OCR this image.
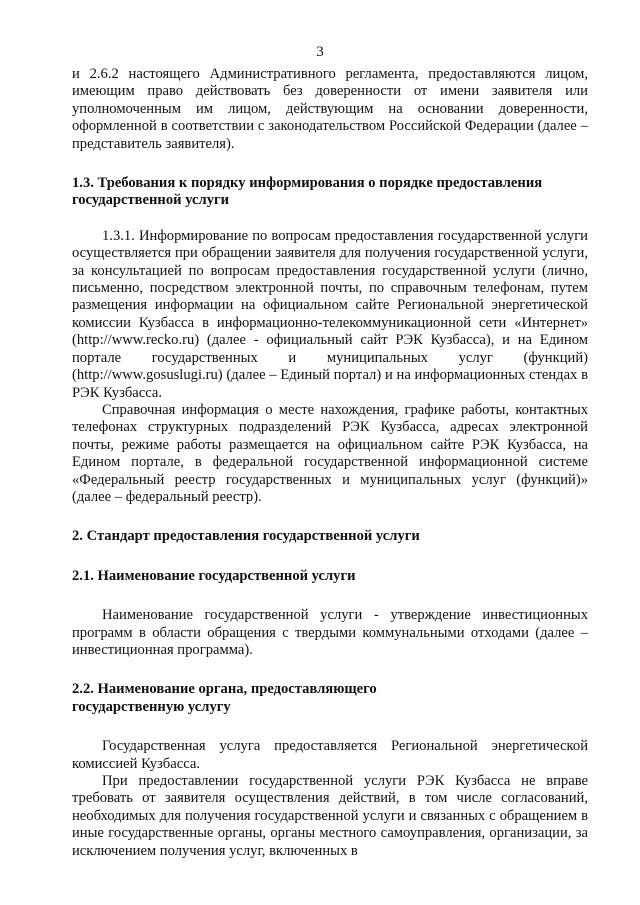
3

и 2.6.2 настоящего Административного регламента, предоставляются лицом, имеющим право действовать без доверенности от имени заявителя или уполномоченным им лицом, действующим на основании доверенности, оформленной в соответствии с законодательством Российской Федерации (далее – представитель заявителя).

1.3. Требования к порядку информирования о порядке предоставления

государственной услуги

1.3.1. Информирование по вопросам предоставления государственной услуги осуществляется при обращении заявителя для получения государственной услуги, за консультацией по вопросам предоставления государственной услуги (лично, письменно, посредством электронной почты, по справочным телефонам, путем размещения информации на официальном сайте Региональной энергетической комиссии Кузбасса в информационно-телекоммуникационной сети «Интернет» (http://www.recko.ru) (далее - официальный сайт РЭК Кузбасса), и на Едином портале государственных и муниципальных услуг (функций) (http://www.gosuslugi.ru) (далее – Единый портал) и на информационных стендах в РЭК Кузбасса.

Справочная информация о месте нахождения, графике работы, контактных телефонах структурных подразделений РЭК Кузбасса, адресах электронной почты, режиме работы размещается на официальном сайте РЭК Кузбасса, на Едином портале, в федеральной государственной информационной системе «Федеральный реестр государственных и муниципальных услуг (функций)» (далее – федеральный реестр).

2. Стандарт предоставления государственной услуги

2.1. Наименование государственной услуги

Наименование государственной услуги - утверждение инвестиционных программ в области обращения с твердыми коммунальными отходами (далее – инвестиционная программа).

2.2. Наименование органа, предоставляющего

государственную услугу

Государственная услуга предоставляется Региональной энергетической комиссией Кузбасса.

При предоставлении государственной услуги РЭК Кузбасса не вправе требовать от заявителя осуществления действий, в том числе согласований, необходимых для получения государственной услуги и связанных с обращением в иные государственные органы, органы местного самоуправления, организации, за исключением получения услуг, включенных в
